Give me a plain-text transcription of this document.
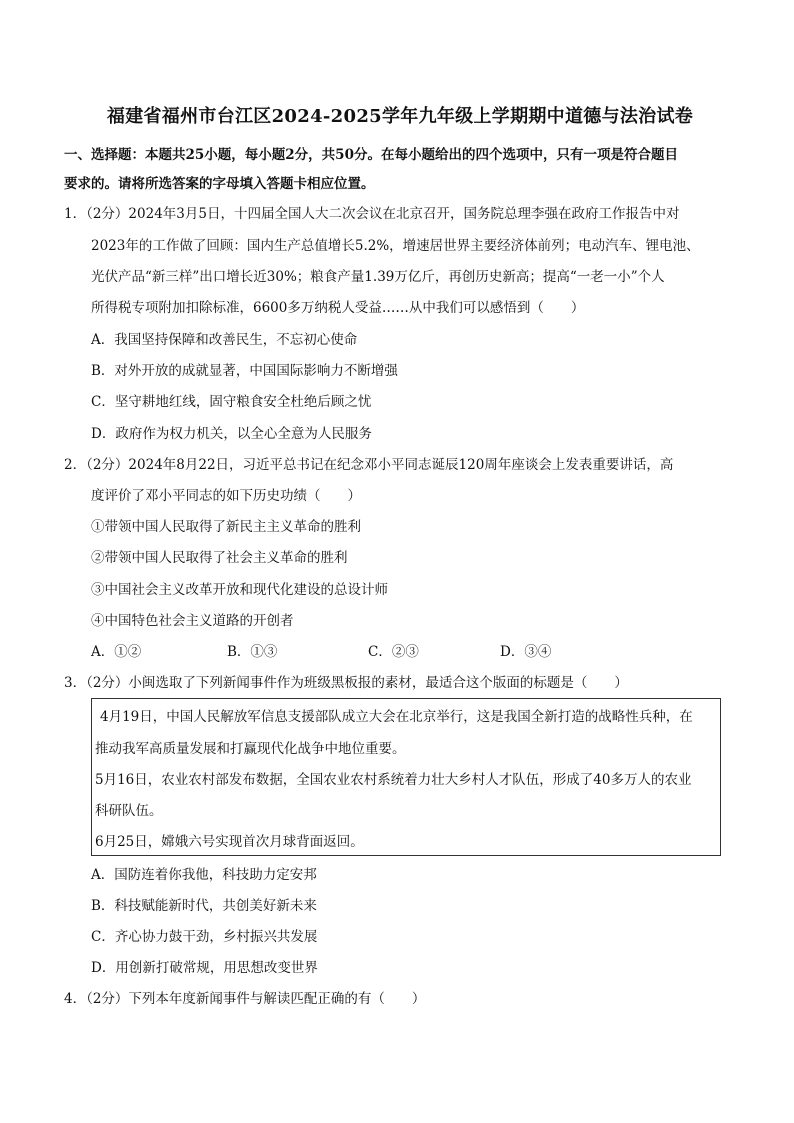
福建省福州市台江区2024-2025学年九年级上学期期中道德与法治试卷
一、选择题：本题共25小题，每小题2分，共50分。在每小题给出的四个选项中，只有一项是符合题目
要求的。请将所选答案的字母填入答题卡相应位置。
1．（2分）2024年3月5日，十四届全国人大二次会议在北京召开，国务院总理李强在政府工作报告中对
2023年的工作做了回顾：国内生产总值增长5.2%，增速居世界主要经济体前列；电动汽车、锂电池、
光伏产品“新三样”出口增长近30%；粮食产量1.39万亿斤，再创历史新高；提高“一老一小”个人
所得税专项附加扣除标准，6600多万纳税人受益……从中我们可以感悟到（　　）
A．我国坚持保障和改善民生，不忘初心使命
B．对外开放的成就显著，中国国际影响力不断增强
C．坚守耕地红线，固守粮食安全杜绝后顾之忧
D．政府作为权力机关，以全心全意为人民服务
2．（2分）2024年8月22日，习近平总书记在纪念邓小平同志诞辰120周年座谈会上发表重要讲话，高
度评价了邓小平同志的如下历史功绩（　　）
①带领中国人民取得了新民主主义革命的胜利
②带领中国人民取得了社会主义革命的胜利
③中国社会主义改革开放和现代化建设的总设计师
④中国特色社会主义道路的开创者
A．①②	B．①③	C．②③	D．③④
3．（2分）小闽选取了下列新闻事件作为班级黑板报的素材，最适合这个版面的标题是（　　）
4月19日，中国人民解放军信息支援部队成立大会在北京举行，这是我国全新打造的战略性兵种，在
推动我军高质量发展和打赢现代化战争中地位重要。
5月16日，农业农村部发布数据，全国农业农村系统着力壮大乡村人才队伍，形成了40多万人的农业
科研队伍。
6月25日，嫦娥六号实现首次月球背面返回。
A．国防连着你我他，科技助力定安邦
B．科技赋能新时代，共创美好新未来
C．齐心协力鼓干劲，乡村振兴共发展
D．用创新打破常规，用思想改变世界
4．（2分）下列本年度新闻事件与解读匹配正确的有（　　）
